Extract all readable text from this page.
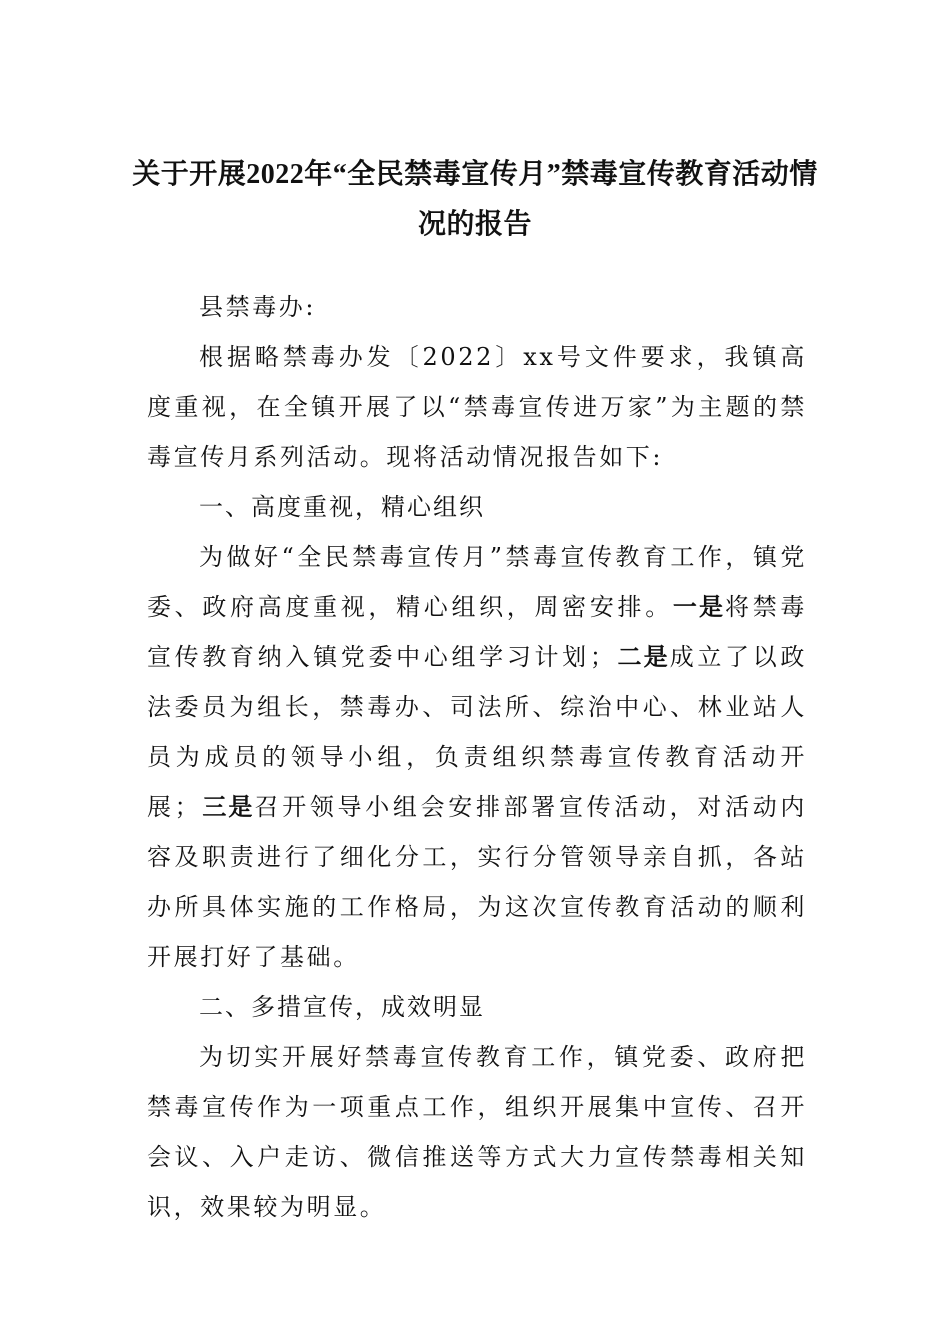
关于开展2022年“全民禁毒宣传月”禁毒宣传教育活动情况的报告

县禁毒办:

根据略禁毒办发〔2022〕xx号文件要求，我镇高度重视，在全镇开展了以“禁毒宣传进万家”为主题的禁毒宣传月系列活动。现将活动情况报告如下:

一、高度重视，精心组织

为做好“全民禁毒宣传月”禁毒宣传教育工作，镇党委、政府高度重视，精心组织，周密安排。一是将禁毒宣传教育纳入镇党委中心组学习计划；二是成立了以政法委员为组长，禁毒办、司法所、综治中心、林业站人员为成员的领导小组，负责组织禁毒宣传教育活动开展；三是召开领导小组会安排部署宣传活动，对活动内容及职责进行了细化分工，实行分管领导亲自抓，各站办所具体实施的工作格局，为这次宣传教育活动的顺利开展打好了基础。

二、多措宣传，成效明显

为切实开展好禁毒宣传教育工作，镇党委、政府把禁毒宣传作为一项重点工作，组织开展集中宣传、召开会议、入户走访、微信推送等方式大力宣传禁毒相关知识，效果较为明显。
